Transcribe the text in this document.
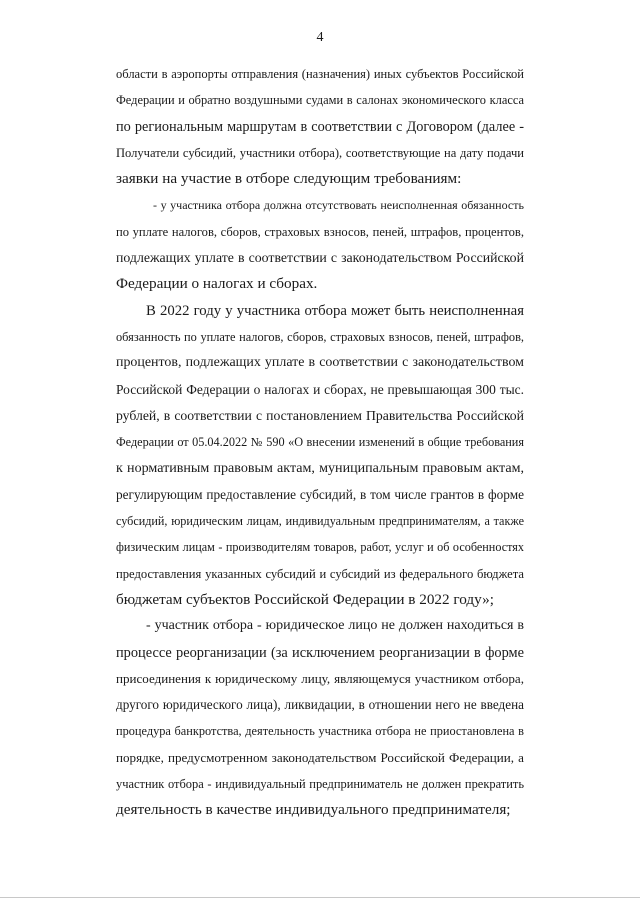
4
области в аэропорты отправления (назначения) иных субъектов Российской
Федерации и обратно воздушными судами в салонах экономического класса
по региональным маршрутам в соответствии с Договором (далее -
Получатели субсидий, участники отбора), соответствующие на дату подачи
заявки на участие в отборе следующим требованиям:
- у участника отбора должна отсутствовать неисполненная обязанность
по уплате налогов, сборов, страховых взносов, пеней, штрафов, процентов,
подлежащих уплате в соответствии с законодательством Российской
Федерации о налогах и сборах.
В 2022 году у участника отбора может быть неисполненная
обязанность по уплате налогов, сборов, страховых взносов, пеней, штрафов,
процентов, подлежащих уплате в соответствии с законодательством
Российской Федерации о налогах и сборах, не превышающая 300 тыс.
рублей, в соответствии с постановлением Правительства Российской
Федерации от 05.04.2022 № 590 «О внесении изменений в общие требования
к нормативным правовым актам, муниципальным правовым актам,
регулирующим предоставление субсидий, в том числе грантов в форме
субсидий, юридическим лицам, индивидуальным предпринимателям, а также
физическим лицам - производителям товаров, работ, услуг и об особенностях
предоставления указанных субсидий и субсидий из федерального бюджета
бюджетам субъектов Российской Федерации в 2022 году»;
- участник отбора - юридическое лицо не должен находиться в
процессе реорганизации (за исключением реорганизации в форме
присоединения к юридическому лицу, являющемуся участником отбора,
другого юридического лица), ликвидации, в отношении него не введена
процедура банкротства, деятельность участника отбора не приостановлена в
порядке, предусмотренном законодательством Российской Федерации, а
участник отбора - индивидуальный предприниматель не должен прекратить
деятельность в качестве индивидуального предпринимателя;
